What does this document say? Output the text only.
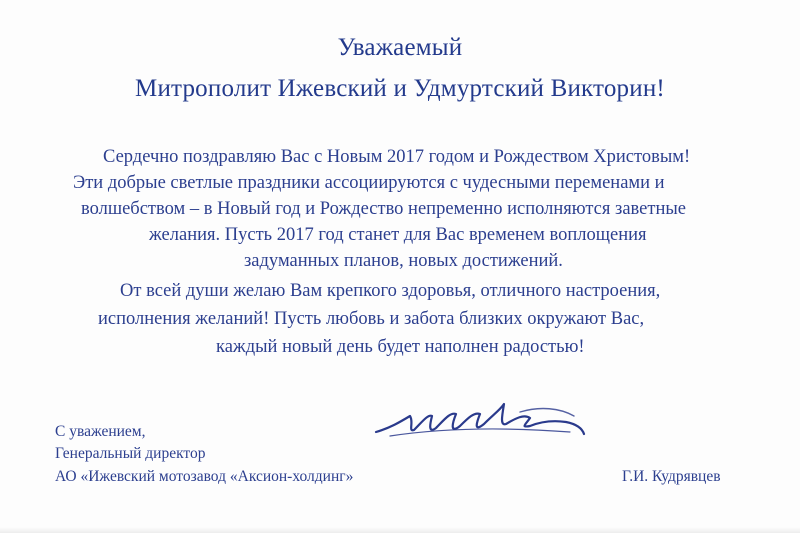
Уважаемый
Митрополит Ижевский и Удмуртский Викторин!
Сердечно поздравляю Вас с Новым 2017 годом и Рождеством Христовым!
Эти добрые светлые праздники ассоциируются с чудесными переменами и
волшебством – в Новый год и Рождество непременно исполняются заветные
желания. Пусть 2017 год станет для Вас временем воплощения
задуманных планов, новых достижений.
От всей души желаю Вам крепкого здоровья, отличного настроения,
исполнения желаний! Пусть любовь и забота близких окружают Вас,
каждый новый день будет наполнен радостью!
С уважением,
Генеральный директор
АО «Ижевский мотозавод «Аксион-холдинг»	Г.И. Кудрявцев
